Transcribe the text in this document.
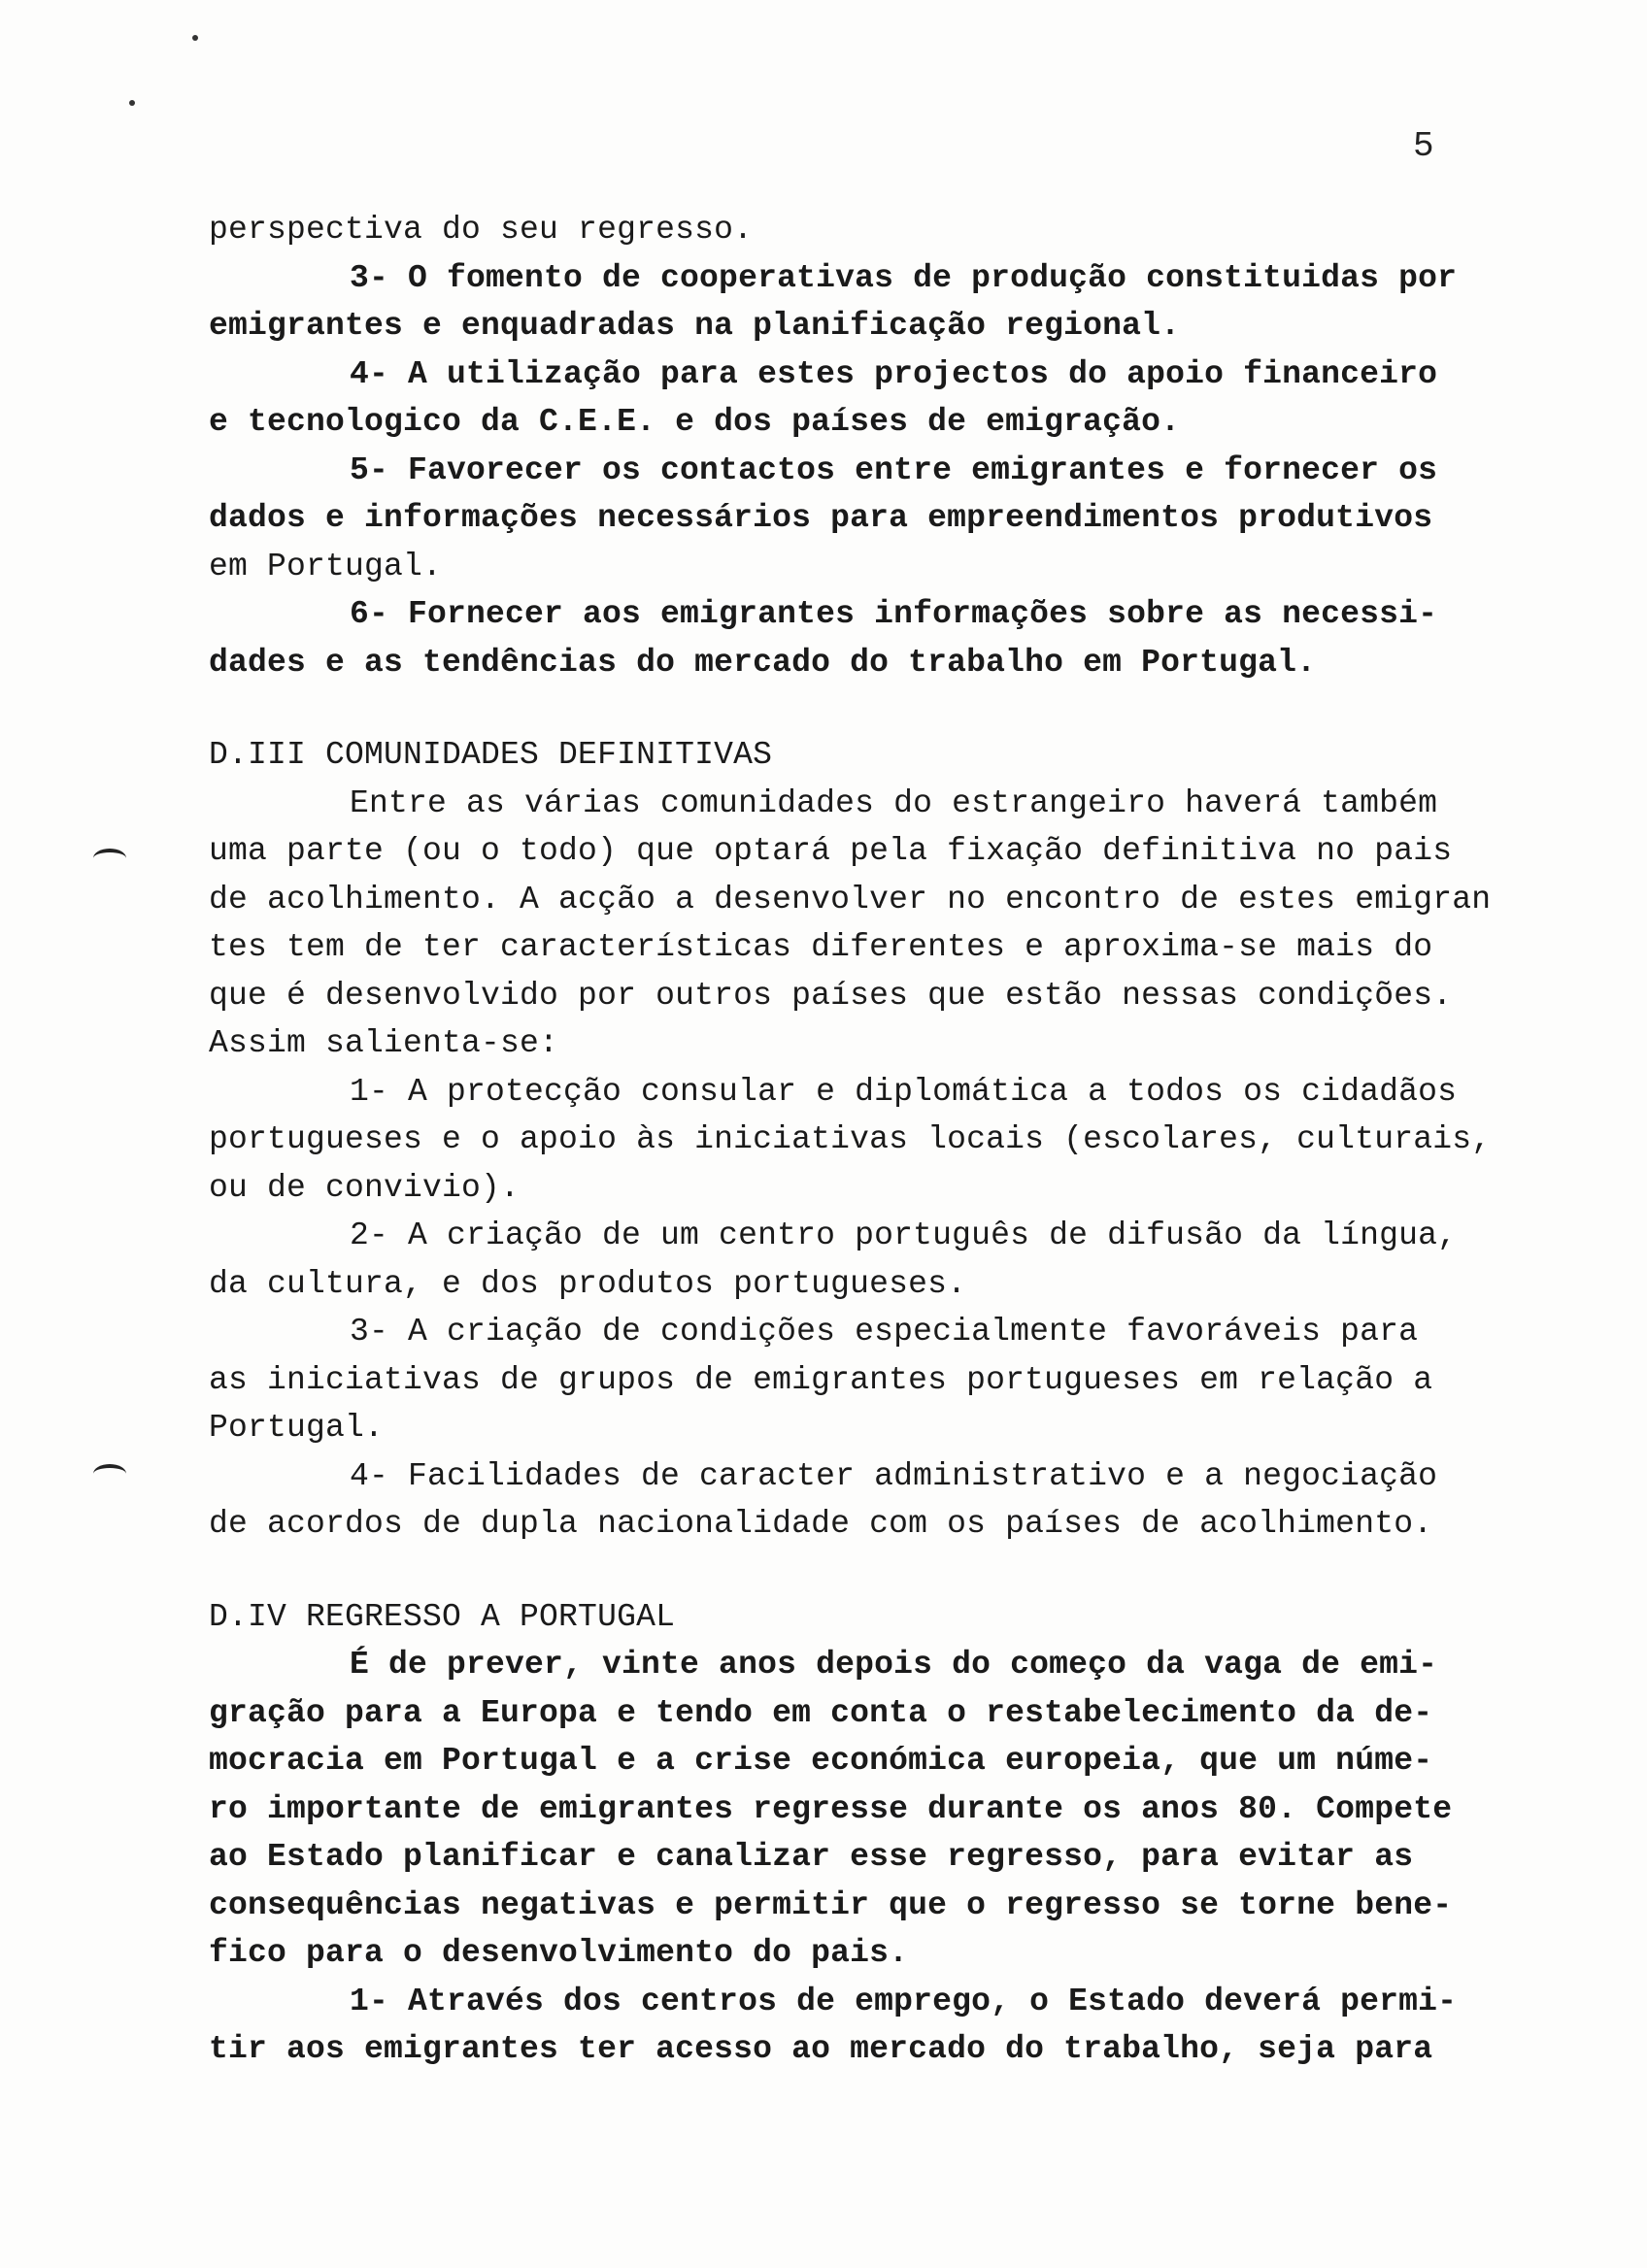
5
perspectiva do seu regresso.
3- O fomento de cooperativas de produção constituidas por
emigrantes e enquadradas na planificação regional.
4- A utilização para estes projectos do apoio financeiro
e tecnologico da C.E.E. e dos países de emigração.
5- Favorecer os contactos entre emigrantes e fornecer os
dados e informações necessários para empreendimentos produtivos
em Portugal.
6- Fornecer aos emigrantes informações sobre as necessi-
dades e as tendências do mercado do trabalho em Portugal.
D.III COMUNIDADES DEFINITIVAS
Entre as várias comunidades do estrangeiro haverá também
uma parte (ou o todo) que optará pela fixação definitiva no pais
de acolhimento. A acção a desenvolver no encontro de estes emigran
tes tem de ter características diferentes e aproxima-se mais do
que é desenvolvido por outros países que estão nessas condições.
Assim salienta-se:
1- A protecção consular e diplomática a todos os cidadãos
portugueses e o apoio às iniciativas locais (escolares, culturais,
ou de convivio).
2- A criação de um centro português de difusão da língua,
da cultura, e dos produtos portugueses.
3- A criação de condições especialmente favoráveis para
as iniciativas de grupos de emigrantes portugueses em relação a
Portugal.
4- Facilidades de caracter administrativo e a negociação
de acordos de dupla nacionalidade com os países de acolhimento.
D.IV REGRESSO A PORTUGAL
É de prever, vinte anos depois do começo da vaga de emi-
gração para a Europa e tendo em conta o restabelecimento da de-
mocracia em Portugal e a crise económica europeia, que um núme-
ro importante de emigrantes regresse durante os anos 80. Compete
ao Estado planificar e canalizar esse regresso, para evitar as
consequências negativas e permitir que o regresso se torne bene-
fico para o desenvolvimento do pais.
1- Através dos centros de emprego, o Estado deverá permi-
tir aos emigrantes ter acesso ao mercado do trabalho, seja para
